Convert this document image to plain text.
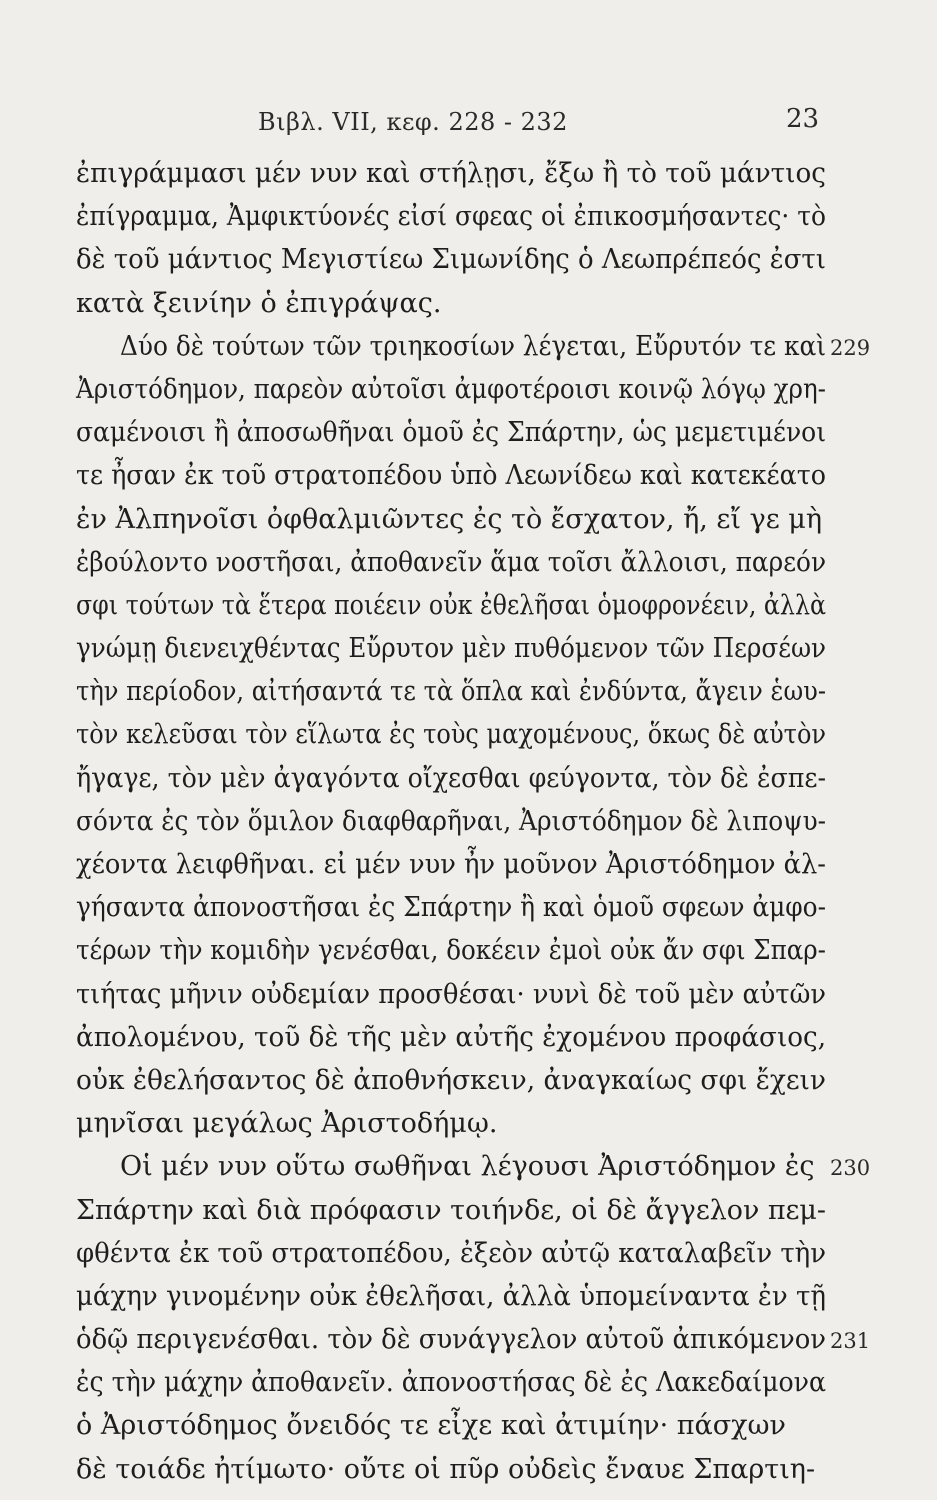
Βιβλ. VII, κεφ. 228 - 232	23
ἐπιγράμμασι μέν νυν καὶ στήλῃσι, ἔξω ἢ τὸ τοῦ μάντιος
ἐπίγραμμα, Ἀμφικτύονές εἰσί σφεας οἱ ἐπικοσμήσαντες· τὸ
δὲ τοῦ μάντιος Μεγιστίεω Σιμωνίδης ὁ Λεωπρέπεός ἐστι
κατὰ ξεινίην ὁ ἐπιγράψας.
Δύο δὲ τούτων τῶν τριηκοσίων λέγεται, Εὔρυτόν τε καὶ 229
Ἀριστόδημον, παρεὸν αὐτοῖσι ἀμφοτέροισι κοινῷ λόγῳ χρη-
σαμένοισι ἢ ἀποσωθῆναι ὁμοῦ ἐς Σπάρτην, ὡς μεμετιμένοι
τε ἦσαν ἐκ τοῦ στρατοπέδου ὑπὸ Λεωνίδεω καὶ κατεκέατο
ἐν Ἀλπηνοῖσι ὀφθαλμιῶντες ἐς τὸ ἔσχατον, ἤ, εἴ γε μὴ
ἐβούλοντο νοστῆσαι, ἀποθανεῖν ἅμα τοῖσι ἄλλοισι, παρεόν
σφι τούτων τὰ ἕτερα ποιέειν οὐκ ἐθελῆσαι ὁμοφρονέειν, ἀλλὰ
γνώμῃ διενειχθέντας Εὔρυτον μὲν πυθόμενον τῶν Περσέων
τὴν περίοδον, αἰτήσαντά τε τὰ ὅπλα καὶ ἐνδύντα, ἄγειν ἑωυ-
τὸν κελεῦσαι τὸν εἵλωτα ἐς τοὺς μαχομένους, ὅκως δὲ αὐτὸν
ἤγαγε, τὸν μὲν ἀγαγόντα οἴχεσθαι φεύγοντα, τὸν δὲ ἐσπε-
σόντα ἐς τὸν ὅμιλον διαφθαρῆναι, Ἀριστόδημον δὲ λιποψυ-
χέοντα λειφθῆναι. εἰ μέν νυν ἦν μοῦνον Ἀριστόδημον ἀλ-
γήσαντα ἀπονοστῆσαι ἐς Σπάρτην ἢ καὶ ὁμοῦ σφεων ἀμφο-
τέρων τὴν κομιδὴν γενέσθαι, δοκέειν ἐμοὶ οὐκ ἄν σφι Σπαρ-
τιήτας μῆνιν οὐδεμίαν προσθέσαι· νυνὶ δὲ τοῦ μὲν αὐτῶν
ἀπολομένου, τοῦ δὲ τῆς μὲν αὐτῆς ἐχομένου προφάσιος,
οὐκ ἐθελήσαντος δὲ ἀποθνήσκειν, ἀναγκαίως σφι ἔχειν
μηνῖσαι μεγάλως Ἀριστοδήμῳ.
Οἱ μέν νυν οὕτω σωθῆναι λέγουσι Ἀριστόδημον ἐς 230
Σπάρτην καὶ διὰ πρόφασιν τοιήνδε, οἱ δὲ ἄγγελον πεμ-
φθέντα ἐκ τοῦ στρατοπέδου, ἐξεὸν αὐτῷ καταλαβεῖν τὴν
μάχην γινομένην οὐκ ἐθελῆσαι, ἀλλὰ ὑπομείναντα ἐν τῇ
ὁδῷ περιγενέσθαι. τὸν δὲ συνάγγελον αὐτοῦ ἀπικόμενον 231
ἐς τὴν μάχην ἀποθανεῖν. ἀπονοστήσας δὲ ἐς Λακεδαίμονα
ὁ Ἀριστόδημος ὄνειδός τε εἶχε καὶ ἀτιμίην· πάσχων
δὲ τοιάδε ἠτίμωτο· οὔτε οἱ πῦρ οὐδεὶς ἔναυε Σπαρτιη-
